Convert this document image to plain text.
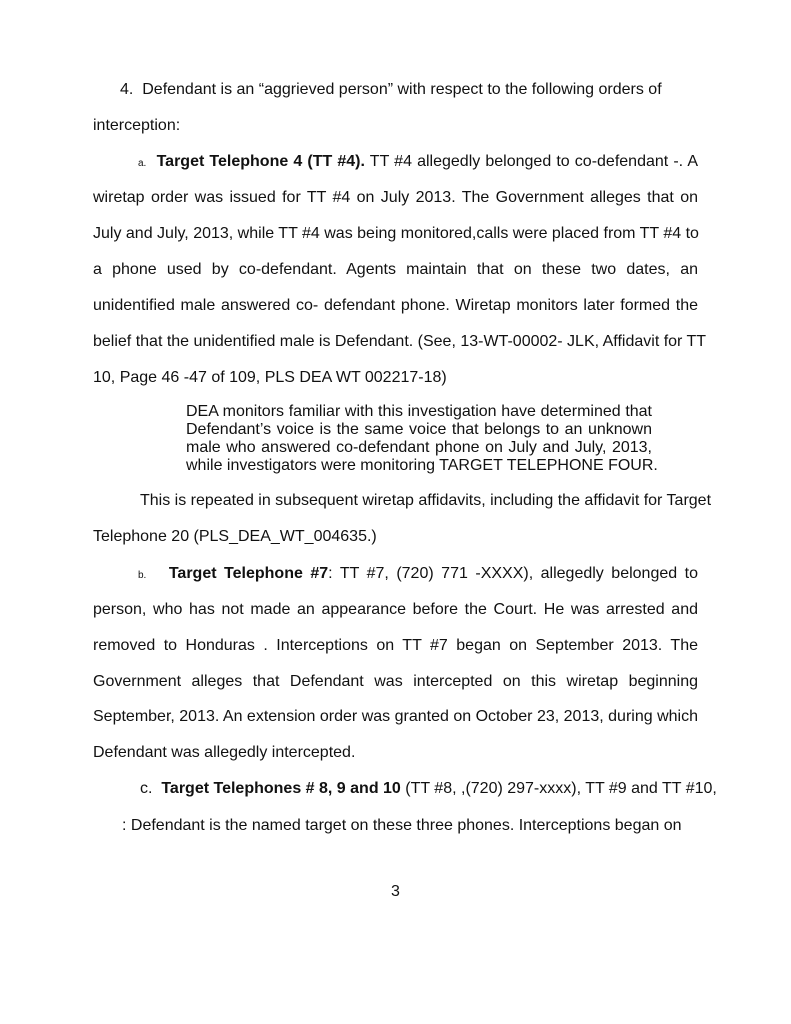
4. Defendant is an “aggrieved person” with respect to the following orders of
interception:
a. Target Telephone 4 (TT #4). TT #4 allegedly belonged to co-defendant -. A
wiretap order was issued for TT #4 on July 2013. The Government alleges that on
July and July, 2013, while TT #4 was being monitored,calls were placed from TT #4 to
a phone used by co-defendant. Agents maintain that on these two dates, an
unidentified male answered co- defendant phone. Wiretap monitors later formed the
belief that the unidentified male is Defendant. (See, 13-WT-00002- JLK, Affidavit for TT
10, Page 46 -47 of 109, PLS DEA WT 002217-18)
DEA monitors familiar with this investigation have determined that
Defendant’s voice is the same voice that belongs to an unknown
male who answered co-defendant phone on July and July, 2013,
while investigators were monitoring TARGET TELEPHONE FOUR.
This is repeated in subsequent wiretap affidavits, including the affidavit for Target
Telephone 20 (PLS_DEA_WT_004635.)
b. Target Telephone #7: TT #7, (720) 771 -XXXX), allegedly belonged to
person, who has not made an appearance before the Court. He was arrested and
removed to Honduras . Interceptions on TT #7 began on September 2013. The
Government alleges that Defendant was intercepted on this wiretap beginning
September, 2013. An extension order was granted on October 23, 2013, during which
Defendant was allegedly intercepted.
c. Target Telephones # 8, 9 and 10 (TT #8, ,(720) 297-xxxx), TT #9 and TT #10,
: Defendant is the named target on these three phones. Interceptions began on
3
